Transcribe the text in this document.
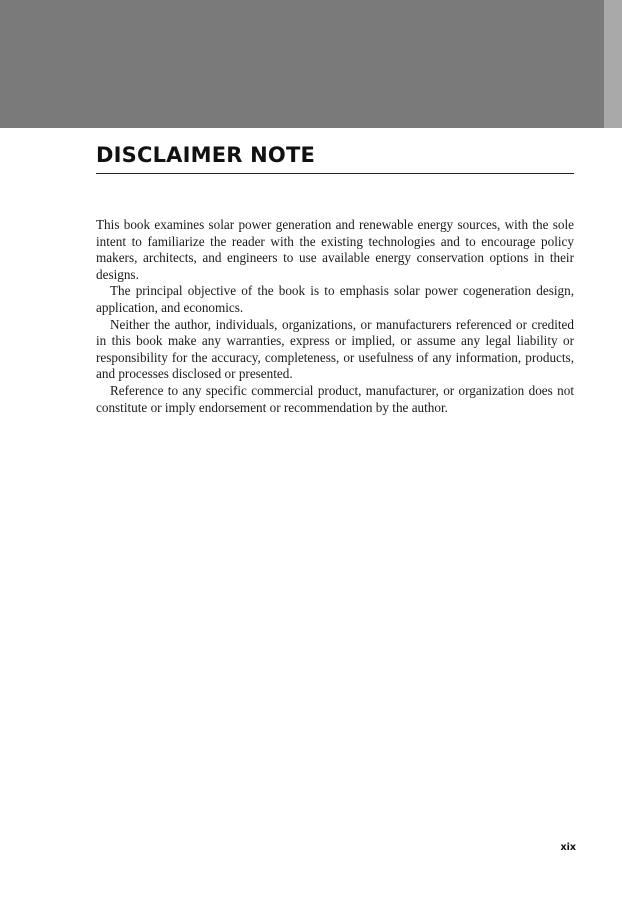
DISCLAIMER NOTE

This book examines solar power generation and renewable energy sources, with the sole intent to familiarize the reader with the existing technologies and to encourage policy makers, architects, and engineers to use available energy conservation options in their designs.

The principal objective of the book is to emphasis solar power cogeneration design, application, and economics.

Neither the author, individuals, organizations, or manufacturers referenced or credited in this book make any warranties, express or implied, or assume any legal liability or responsibility for the accuracy, completeness, or usefulness of any information, products, and processes disclosed or presented.

Reference to any specific commercial product, manufacturer, or organization does not constitute or imply endorsement or recommendation by the author.

xix
